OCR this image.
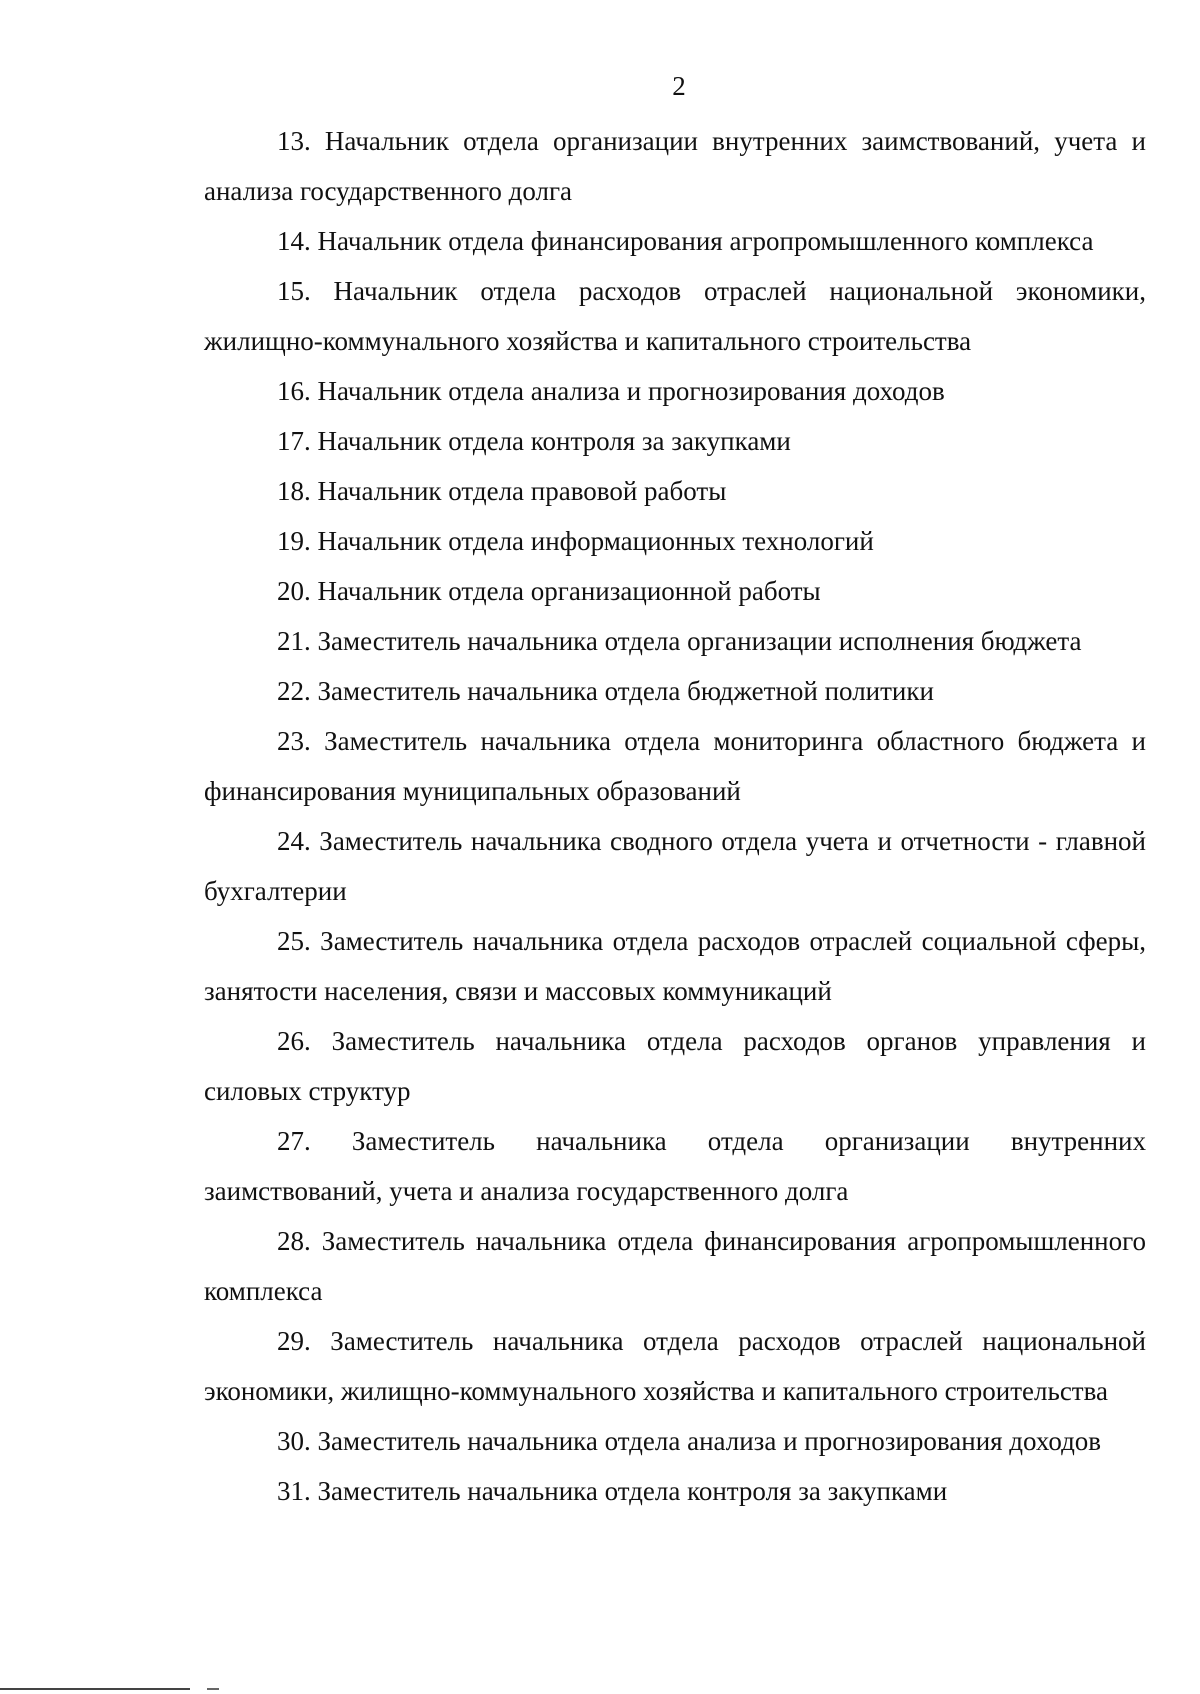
2
13. Начальник отдела организации внутренних заимствований, учета и анализа государственного долга
14. Начальник отдела финансирования агропромышленного комплекса
15. Начальник отдела расходов отраслей национальной экономики, жилищно-коммунального хозяйства и капитального строительства
16. Начальник отдела анализа и прогнозирования доходов
17. Начальник отдела контроля за закупками
18. Начальник отдела правовой работы
19. Начальник отдела информационных технологий
20. Начальник отдела организационной работы
21. Заместитель начальника отдела организации исполнения бюджета
22. Заместитель начальника отдела бюджетной политики
23. Заместитель начальника отдела мониторинга областного бюджета и финансирования муниципальных образований
24. Заместитель начальника сводного отдела учета и отчетности - главной бухгалтерии
25. Заместитель начальника отдела расходов отраслей социальной сферы, занятости населения, связи и массовых коммуникаций
26. Заместитель начальника отдела расходов органов управления и силовых структур
27. Заместитель начальника отдела организации внутренних заимствований, учета и анализа государственного долга
28. Заместитель начальника отдела финансирования агропромышленного комплекса
29. Заместитель начальника отдела расходов отраслей национальной экономики, жилищно-коммунального хозяйства и капитального строительства
30. Заместитель начальника отдела анализа и прогнозирования доходов
31. Заместитель начальника отдела контроля за закупками
